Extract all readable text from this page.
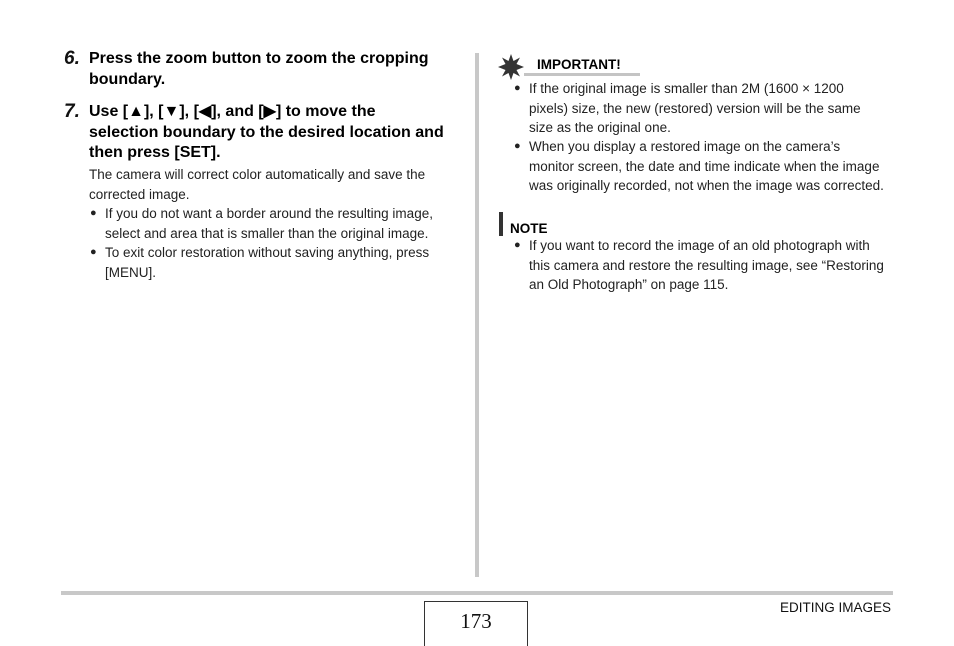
6. Press the zoom button to zoom the cropping
boundary.
7. Use [▲], [▼], [◀], and [▶] to move the
selection boundary to the desired location and
then press [SET].
The camera will correct color automatically and save the
corrected image.
● If you do not want a border around the resulting image,
select and area that is smaller than the original image.
● To exit color restoration without saving anything, press
[MENU].
IMPORTANT!
● If the original image is smaller than 2M (1600 × 1200
pixels) size, the new (restored) version will be the same
size as the original one.
● When you display a restored image on the camera’s
monitor screen, the date and time indicate when the image
was originally recorded, not when the image was corrected.
NOTE
● If you want to record the image of an old photograph with
this camera and restore the resulting image, see “Restoring
an Old Photograph” on page 115.
173
EDITING IMAGES
